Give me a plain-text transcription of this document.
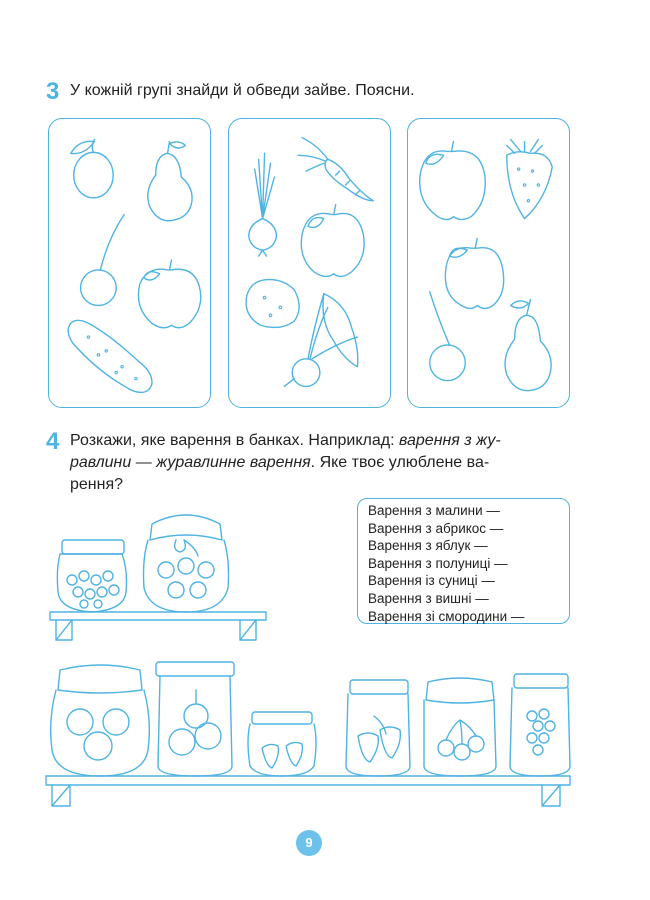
3 У кожній групі знайди й обведи зайве. Поясни.
4 Розкажи, яке варення в банках. Наприклад: варення з жу-
равлини — журавлинне варення. Яке твоє улюблене ва-
рення?
Варення з малини —
Варення з абрикос —
Варення з яблук —
Варення з полуниці —
Варення із суниці —
Варення з вишні —
Варення зі смородини —
9
